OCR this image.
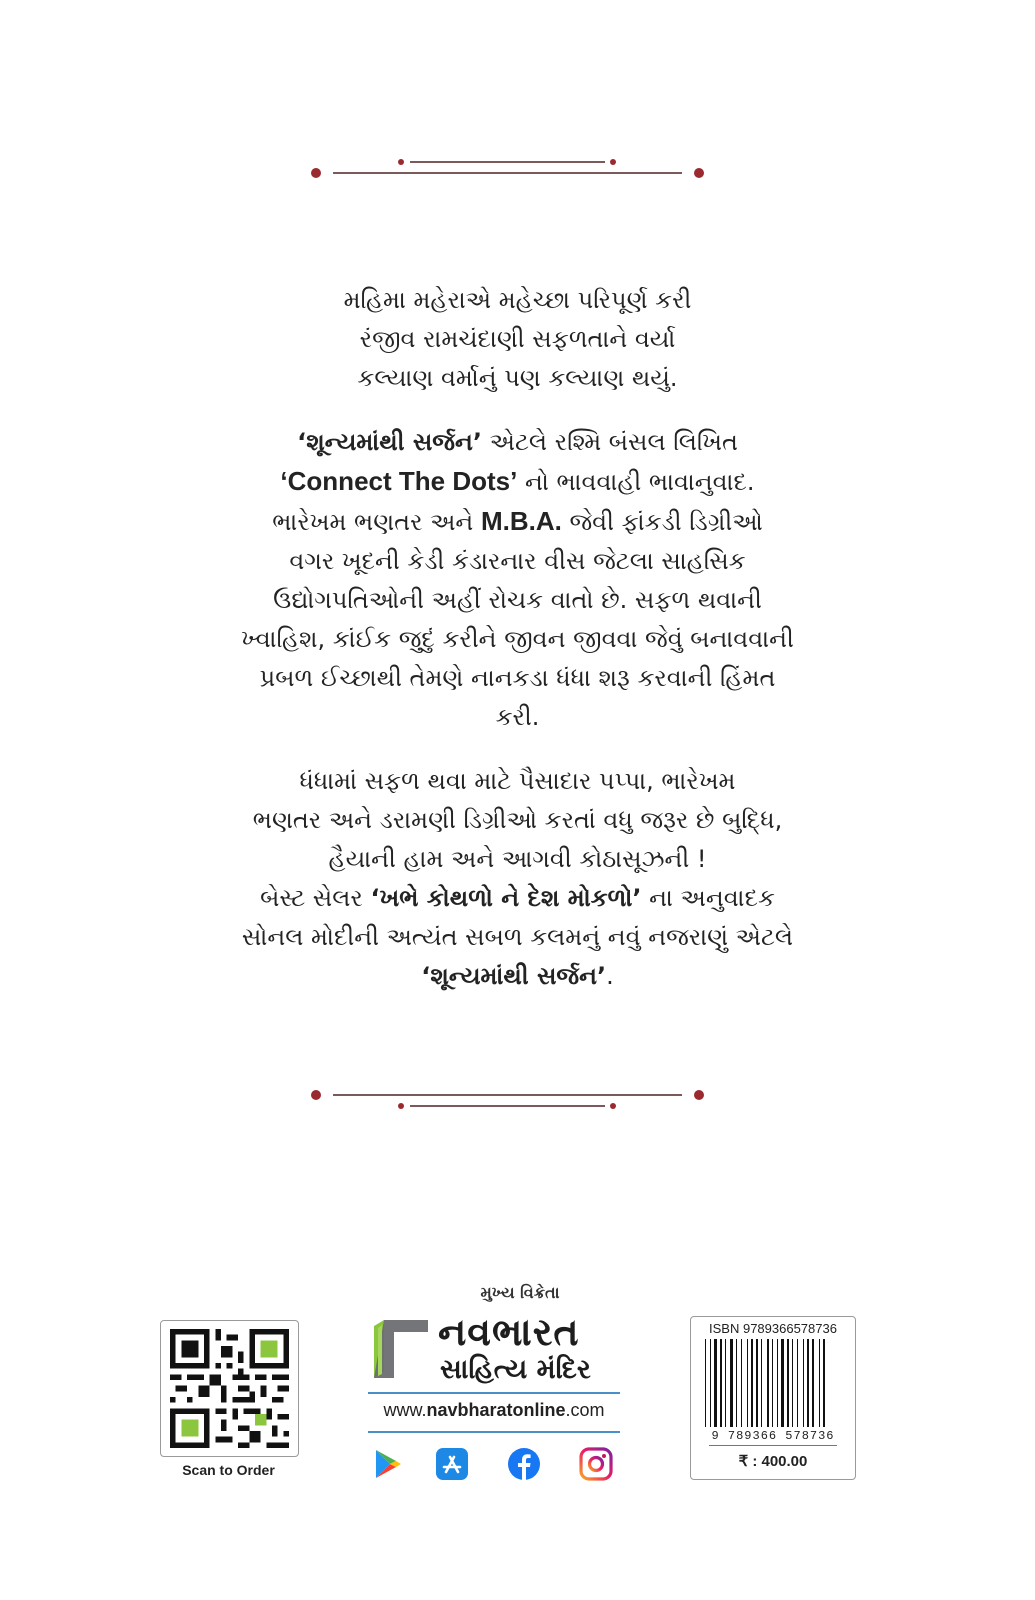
મહિમા મહેરાએ મહેચ્છા પરિપૂર્ણ કરી
રંજીવ રામચંદાણી સફળતાને વર્યા
કલ્યાણ વર્માનું પણ કલ્યાણ થયું.

‘શૂન્યમાંથી સર્જન’ એટલે રશ્મિ બંસલ લિખિત
‘Connect The Dots’ નો ભાવવાહી ભાવાનુવાદ.
ભારેખમ ભણતર અને M.B.A. જેવી ફાંકડી ડિગ્રીઓ
વગર ખૂદની કેડી કંડારનાર વીસ જેટલા સાહસિક
ઉદ્યોગપતિઓની અહીં રોચક વાતો છે. સફળ થવાની
ખ્વાહિશ, કાંઈક જુદું કરીને જીવન જીવવા જેવું બનાવવાની
પ્રબળ ઈચ્છાથી તેમણે નાનકડા ધંધા શરૂ કરવાની હિંમત
કરી.

ધંધામાં સફળ થવા માટે પૈસાદાર પપ્પા, ભારેખમ
ભણતર અને ડરામણી ડિગ્રીઓ કરતાં વધુ જરૂર છે બુદ્ધિ,
હૈયાની હામ અને આગવી કોઠાસૂઝની !
બેસ્ટ સેલર ‘ખભે કોથળો ને દેશ મોકળો’ ના અનુવાદક
સોનલ મોદીની અત્યંત સબળ કલમનું નવું નજરાણું એટલે
‘શૂન્યમાંથી સર્જન’.

Scan to Order
મુખ્ય વિક્રેતા
નવભારત
સાહિત્ય મંદિર
www.navbharatonline.com
ISBN 9789366578736
9 789366 578736
₹ : 400.00
